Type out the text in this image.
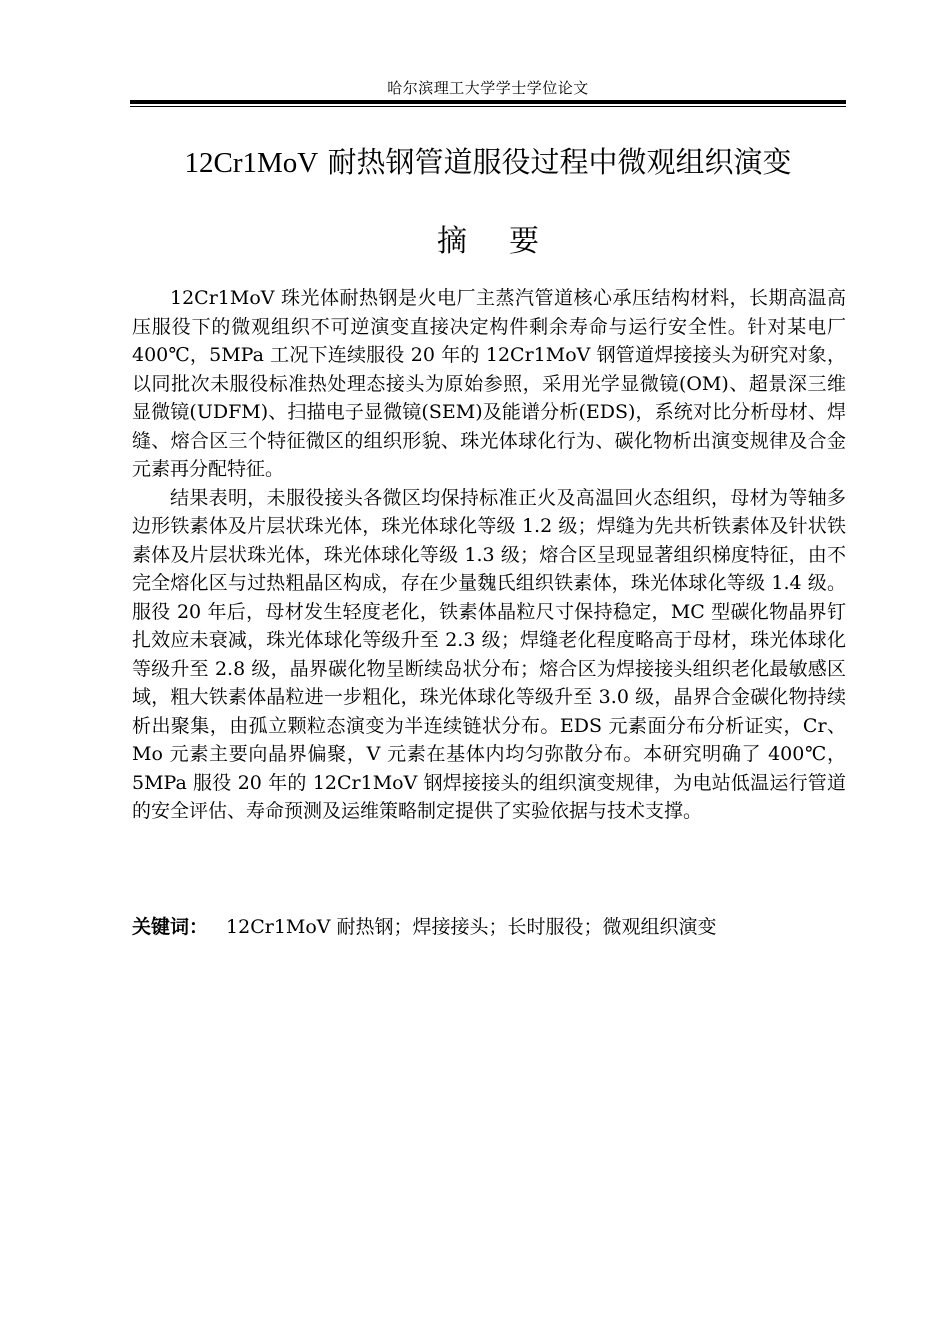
哈尔滨理工大学学士学位论文
12Cr1MoV 耐热钢管道服役过程中微观组织演变
摘要

12Cr1MoV 珠光体耐热钢是火电厂主蒸汽管道核心承压结构材料，长期高温高压服役下的微观组织不可逆演变直接决定构件剩余寿命与运行安全性。针对某电厂 400℃，5MPa 工况下连续服役 20 年的 12Cr1MoV 钢管道焊接接头为研究对象，以同批次未服役标准热处理态接头为原始参照，采用光学显微镜(OM)、超景深三维显微镜(UDFM)、扫描电子显微镜(SEM)及能谱分析(EDS)，系统对比分析母材、焊缝、熔合区三个特征微区的组织形貌、珠光体球化行为、碳化物析出演变规律及合金元素再分配特征。

结果表明，未服役接头各微区均保持标准正火及高温回火态组织，母材为等轴多边形铁素体及片层状珠光体，珠光体球化等级 1.2 级；焊缝为先共析铁素体及针状铁素体及片层状珠光体，珠光体球化等级 1.3 级；熔合区呈现显著组织梯度特征，由不完全熔化区与过热粗晶区构成，存在少量魏氏组织铁素体，珠光体球化等级 1.4 级。服役 20 年后，母材发生轻度老化，铁素体晶粒尺寸保持稳定，MC 型碳化物晶界钉扎效应未衰减，珠光体球化等级升至 2.3 级；焊缝老化程度略高于母材，珠光体球化等级升至 2.8 级，晶界碳化物呈断续岛状分布；熔合区为焊接接头组织老化最敏感区域，粗大铁素体晶粒进一步粗化，珠光体球化等级升至 3.0 级，晶界合金碳化物持续析出聚集，由孤立颗粒态演变为半连续链状分布。EDS 元素面分布分析证实，Cr、Mo 元素主要向晶界偏聚，V 元素在基体内均匀弥散分布。本研究明确了 400℃，5MPa 服役 20 年的 12Cr1MoV 钢焊接接头的组织演变规律，为电站低温运行管道的安全评估、寿命预测及运维策略制定提供了实验依据与技术支撑。

关键词： 12Cr1MoV 耐热钢；焊接接头；长时服役；微观组织演变
